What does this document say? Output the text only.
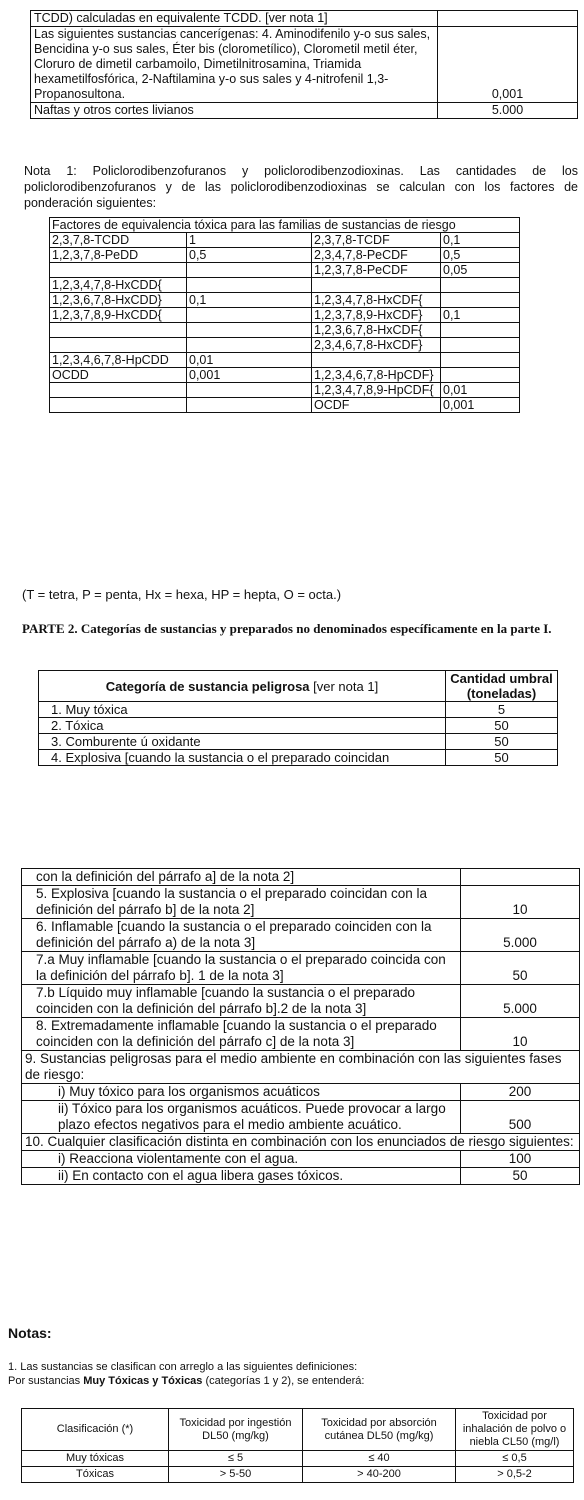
TCDD) calculadas en equivalente TCDD. [ver nota 1]	
Las siguientes sustancias cancerígenas: 4. Aminodifenilo y-o sus sales, Bencidina y-o sus sales, Éter bis (clorometílico), Clorometil metil éter, Cloruro de dimetil carbamoilo, Dimetilnitrosamina, Triamida hexametilfosfórica, 2-Naftilamina y-o sus sales y 4-nitrofenil 1,3-Propanosultona.	0,001
Naftas y otros cortes livianos	5.000

Nota 1: Policlorodibenzofuranos y policlorodibenzodioxinas. Las cantidades de los policlorodibenzofuranos y de las policlorodibenzodioxinas se calculan con los factores de ponderación siguientes:

Factores de equivalencia tóxica para las familias de sustancias de riesgo			
2,3,7,8-TCDD	1	2,3,7,8-TCDF	0,1
1,2,3,7,8-PeDD	0,5	2,3,4,7,8-PeCDF	0,5
		1,2,3,7,8-PeCDF	0,05
1,2,3,4,7,8-HxCDD{			
1,2,3,6,7,8-HxCDD}	0,1	1,2,3,4,7,8-HxCDF{	
1,2,3,7,8,9-HxCDD{		1,2,3,7,8,9-HxCDF}	0,1
		1,2,3,6,7,8-HxCDF{	
		2,3,4,6,7,8-HxCDF}	
1,2,3,4,6,7,8-HpCDD	0,01		
OCDD	0,001	1,2,3,4,6,7,8-HpCDF}	
		1,2,3,4,7,8,9-HpCDF{	0,01
		OCDF	0,001
(T = tetra, P = penta, Hx = hexa, HP = hepta, O = octa.)
PARTE 2. Categorías de sustancias y preparados no denominados específicamente en la parte I.
Categoría de sustancia peligrosa [ver nota 1]	Cantidad umbral (toneladas)
1. Muy tóxica	5
2. Tóxica	50
3. Comburente ú oxidante	50
4. Explosiva [cuando la sustancia o el preparado coincidan	50
con la definición del párrafo a] de la nota 2]	
5. Explosiva [cuando la sustancia o el preparado coincidan con la definición del párrafo b] de la nota 2]	10
6. Inflamable [cuando la sustancia o el preparado coinciden con la definición del párrafo a) de la nota 3]	5.000
7.a Muy inflamable [cuando la sustancia o el preparado coincida con la definición del párrafo b]. 1 de la nota 3]	50
7.b Líquido muy inflamable [cuando la sustancia o el preparado coinciden con la definición del párrafo b].2 de la nota 3]	5.000
8. Extremadamente inflamable [cuando la sustancia o el preparado coinciden con la definición del párrafo c] de la nota 3]	10
9. Sustancias peligrosas para el medio ambiente en combinación con las siguientes fases de riesgo:	
i) Muy tóxico para los organismos acuáticos	200
ii) Tóxico para los organismos acuáticos. Puede provocar a largo plazo efectos negativos para el medio ambiente acuático.	500
10. Cualquier clasificación distinta en combinación con los enunciados de riesgo siguientes:	
i) Reacciona violentamente con el agua.	100
ii) En contacto con el agua libera gases tóxicos.	50
Notas:
1. Las sustancias se clasifican con arreglo a las siguientes definiciones:
Por sustancias Muy Tóxicas y Tóxicas (categorías 1 y 2), se entenderá:
Clasificación (*)	Toxicidad por ingestión DL50 (mg/kg)	Toxicidad por absorción cutánea DL50 (mg/kg)	Toxicidad por inhalación de polvo o niebla CL50 (mg/l)
Muy tóxicas	≤ 5	≤ 40	≤ 0,5
Tóxicas	> 5-50	> 40-200	> 0,5-2
